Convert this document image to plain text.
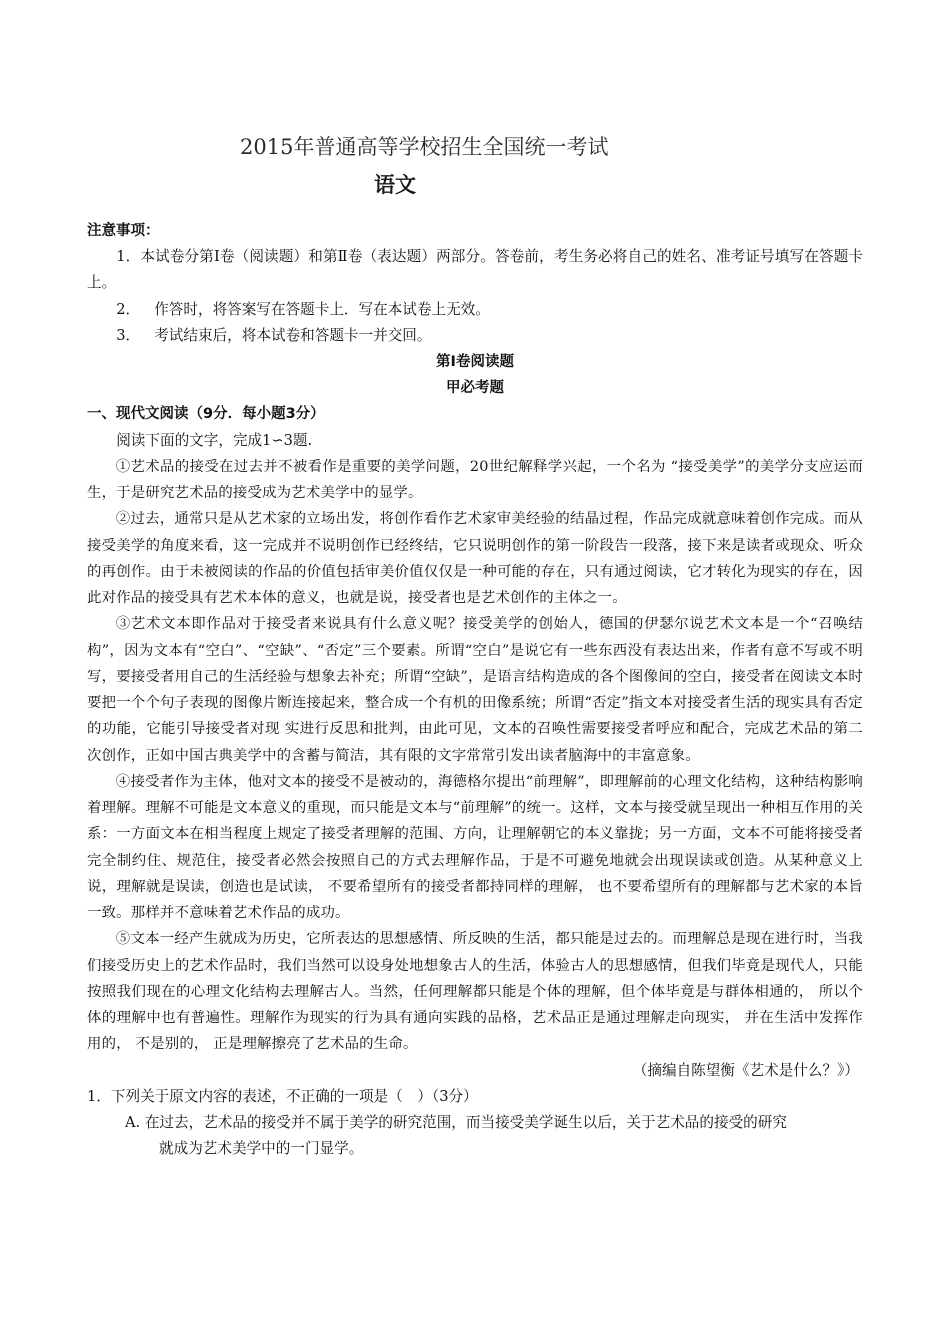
2015年普通高等学校招生全国统一考试
语文

注意事项：

1．本试卷分第Ⅰ卷（阅读题）和第Ⅱ卷（表达题）两部分。答卷前，考生务必将自己的姓名、准考证号填写在答题卡上。

2． 作答时，将答案写在答题卡上．写在本试卷上无效。

3． 考试结束后，将本试卷和答题卡一并交回。

第Ⅰ卷阅读题

甲必考题

一、现代文阅读（9分．每小题3分）

阅读下面的文字，完成1∽3题.

①艺术品的接受在过去并不被看作是重要的美学问题，20世纪解释学兴起，一个名为 “接受美学”的美学分支应运而生，于是研究艺术品的接受成为艺术美学中的显学。

②过去，通常只是从艺术家的立场出发，将创作看作艺术家审美经验的结晶过程，作品完成就意味着创作完成。而从接受美学的角度来看，这一完成并不说明创作已经终结，它只说明创作的第一阶段告一段落，接下来是读者或现众、听众的再创作。由于未被阅读的作品的价值包括审美价值仅仅是一种可能的存在，只有通过阅读，它才转化为现实的存在，因此对作品的接受具有艺术本体的意义，也就是说，接受者也是艺术创作的主体之一。

③艺术文本即作品对于接受者来说具有什么意义呢？接受美学的创始人，德国的伊瑟尔说艺术文本是一个“召唤结构”，因为文本有“空白”、“空缺”、“否定”三个要素。所谓“空白”是说它有一些东西没有表达出来，作者有意不写或不明写，要接受者用自己的生活经验与想象去补充；所谓“空缺”，是语言结构造成的各个图像间的空白，接受者在阅读文本时要把一个个句子表现的图像片断连接起来，整合成一个有机的田像系统；所谓“否定”指文本对接受者生活的现实具有否定的功能，它能引导接受者对现 实进行反思和批判，由此可见，文本的召唤性需要接受者呼应和配合，完成艺术品的第二次创作，正如中国古典美学中的含蓄与简洁，其有限的文字常常引发出读者脑海中的丰富意象。

④接受者作为主体，他对文本的接受不是被动的，海德格尔提出“前理解”，即理解前的心理文化结构，这种结构影响着理解。理解不可能是文本意义的重现，而只能是文本与“前理解”的统一。这样，文本与接受就呈现出一种相互作用的关系：一方面文本在相当程度上规定了接受者理解的范围、方向，让理解朝它的本义靠拢；另一方面，文本不可能将接受者完全制约住、规范住，接受者必然会按照自己的方式去理解作品，于是不可避免地就会出现误读或创造。从某种意义上说，理解就是误读，创造也是试读， 不要希望所有的接受者都持同样的理解， 也不要希望所有的理解都与艺术家的本旨一致。那样并不意味着艺术作品的成功。

⑤文本一经产生就成为历史，它所表达的思想感情、所反映的生活，都只能是过去的。而理解总是现在进行时，当我们接受历史上的艺术作品时，我们当然可以设身处地想象古人的生活，体验古人的思想感情，但我们毕竟是现代人，只能按照我们现在的心理文化结构去理解古人。当然，任何理解都只能是个体的理解，但个体毕竟是与群体相通的， 所以个体的理解中也有普遍性。理解作为现实的行为具有通向实践的品格，艺术品正是通过理解走向现实， 并在生活中发挥作用的， 不是别的， 正是理解擦亮了艺术品的生命。

（摘编自陈望衡《艺术是什么？》）

1．下列关于原文内容的表述，不正确的一项是（　）（3分）

A. 在过去，艺术品的接受并不属于美学的研究范围，而当接受美学诞生以后，关于艺术品的接受的研究

就成为艺术美学中的一门显学。
